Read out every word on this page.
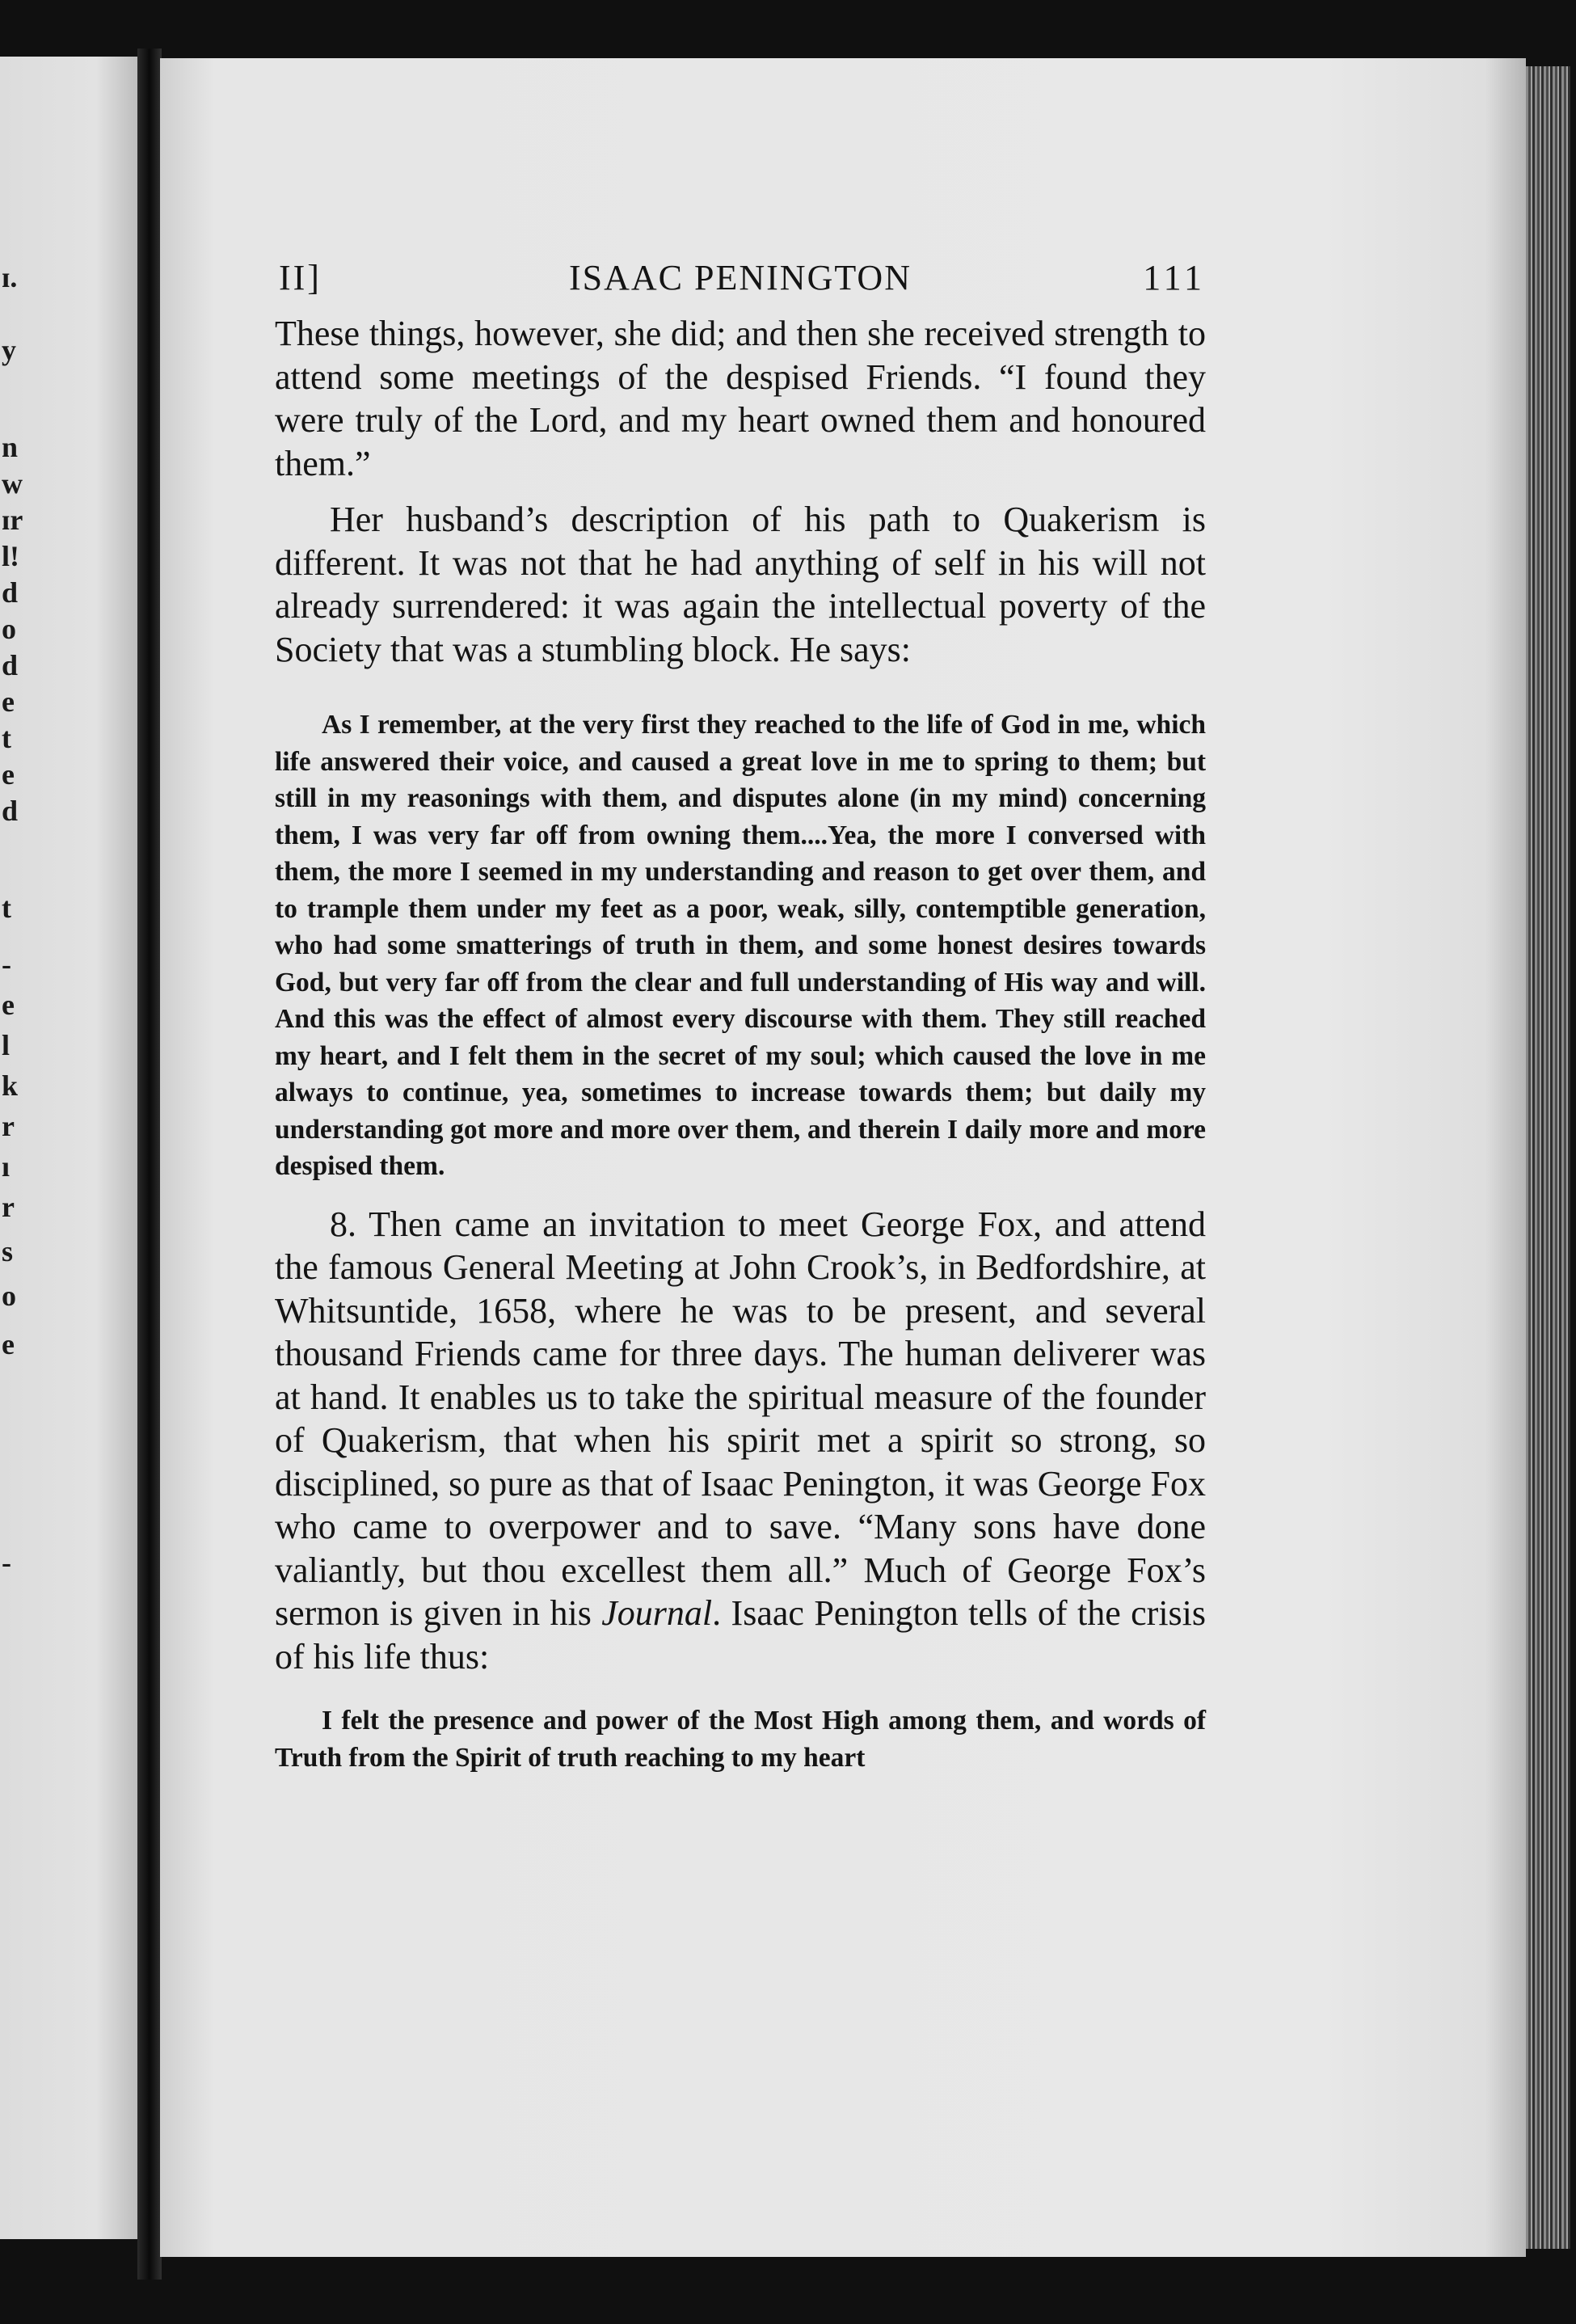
ɪ.
y
n
w
ɪr
l!
d
o
d
e
t
e
d
t
-
e
l
k
r
ı
r
s
o
e
-
II]	ISAAC PENINGTON	111

These things, however, she did; and then she received strength to attend some meetings of the despised Friends. “I found they were truly of the Lord, and my heart owned them and honoured them.”

Her husband’s description of his path to Quakerism is different. It was not that he had anything of self in his will not already surrendered: it was again the intellectual poverty of the Society that was a stumbling block. He says:

As I remember, at the very first they reached to the life of God in me, which life answered their voice, and caused a great love in me to spring to them; but still in my reasonings with them, and disputes alone (in my mind) concerning them, I was very far off from owning them....Yea, the more I conversed with them, the more I seemed in my understanding and reason to get over them, and to trample them under my feet as a poor, weak, silly, contemptible generation, who had some smatterings of truth in them, and some honest desires towards God, but very far off from the clear and full understanding of His way and will. And this was the effect of almost every discourse with them. They still reached my heart, and I felt them in the secret of my soul; which caused the love in me always to continue, yea, sometimes to increase towards them; but daily my understanding got more and more over them, and therein I daily more and more despised them.

8. Then came an invitation to meet George Fox, and attend the famous General Meeting at John Crook’s, in Bedfordshire, at Whitsuntide, 1658, where he was to be present, and several thousand Friends came for three days. The human deliverer was at hand. It enables us to take the spiritual measure of the founder of Quakerism, that when his spirit met a spirit so strong, so disciplined, so pure as that of Isaac Penington, it was George Fox who came to overpower and to save. “Many sons have done valiantly, but thou excellest them all.” Much of George Fox’s sermon is given in his Journal. Isaac Penington tells of the crisis of his life thus:

I felt the presence and power of the Most High among them, and words of Truth from the Spirit of truth reaching to my heart
